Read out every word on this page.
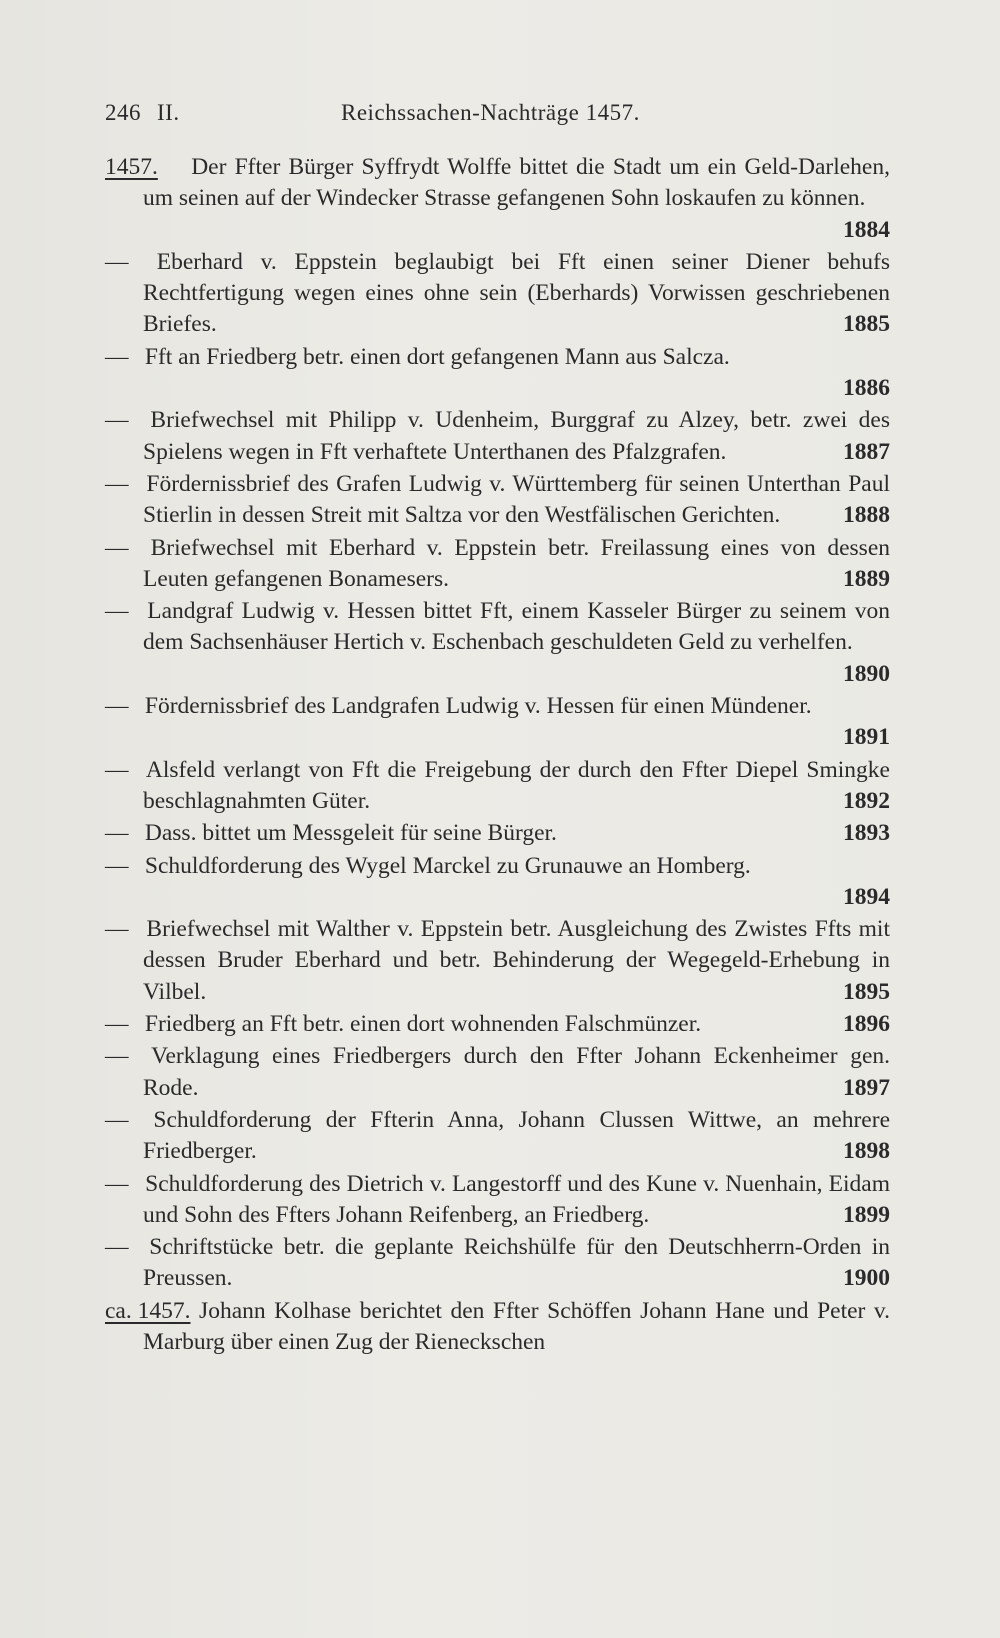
246 II.	Reichssachen-Nachträge 1457.

1457. Der Ffter Bürger Syffrydt Wolffe bittet die Stadt um ein Geld-Darlehen, um seinen auf der Windecker Strasse gefangenen Sohn loskaufen zu können.
1884

— Eberhard v. Eppstein beglaubigt bei Fft einen seiner Diener behufs Rechtfertigung wegen eines ohne sein (Eberhards) Vorwissen geschriebenen Briefes.	1885

— Fft an Friedberg betr. einen dort gefangenen Mann aus Salcza.
1886

— Briefwechsel mit Philipp v. Udenheim, Burggraf zu Alzey, betr. zwei des Spielens wegen in Fft verhaftete Unterthanen des Pfalzgrafen.	1887

— Fördernissbrief des Grafen Ludwig v. Württemberg für seinen Unterthan Paul Stierlin in dessen Streit mit Saltza vor den Westfälischen Gerichten.	1888

— Briefwechsel mit Eberhard v. Eppstein betr. Freilassung eines von dessen Leuten gefangenen Bonamesers.	1889

— Landgraf Ludwig v. Hessen bittet Fft, einem Kasseler Bürger zu seinem von dem Sachsenhäuser Hertich v. Eschenbach geschuldeten Geld zu verhelfen.
1890

— Fördernissbrief des Landgrafen Ludwig v. Hessen für einen Mündener.
1891

— Alsfeld verlangt von Fft die Freigebung der durch den Ffter Diepel Smingke beschlagnahmten Güter.	1892

— Dass. bittet um Messgeleit für seine Bürger.	1893

— Schuldforderung des Wygel Marckel zu Grunauwe an Homberg.
1894

— Briefwechsel mit Walther v. Eppstein betr. Ausgleichung des Zwistes Ffts mit dessen Bruder Eberhard und betr. Behinderung der Wegegeld-Erhebung in Vilbel.	1895

— Friedberg an Fft betr. einen dort wohnenden Falschmünzer.	1896

— Verklagung eines Friedbergers durch den Ffter Johann Eckenheimer gen. Rode.	1897

— Schuldforderung der Ffterin Anna, Johann Clussen Wittwe, an mehrere Friedberger.	1898

— Schuldforderung des Dietrich v. Langestorff und des Kune v. Nuenhain, Eidam und Sohn des Ffters Johann Reifenberg, an Friedberg.	1899

— Schriftstücke betr. die geplante Reichshülfe für den Deutschherrn-Orden in Preussen.	1900

ca. 1457. Johann Kolhase berichtet den Ffter Schöffen Johann Hane und Peter v. Marburg über einen Zug der Rieneckschen
